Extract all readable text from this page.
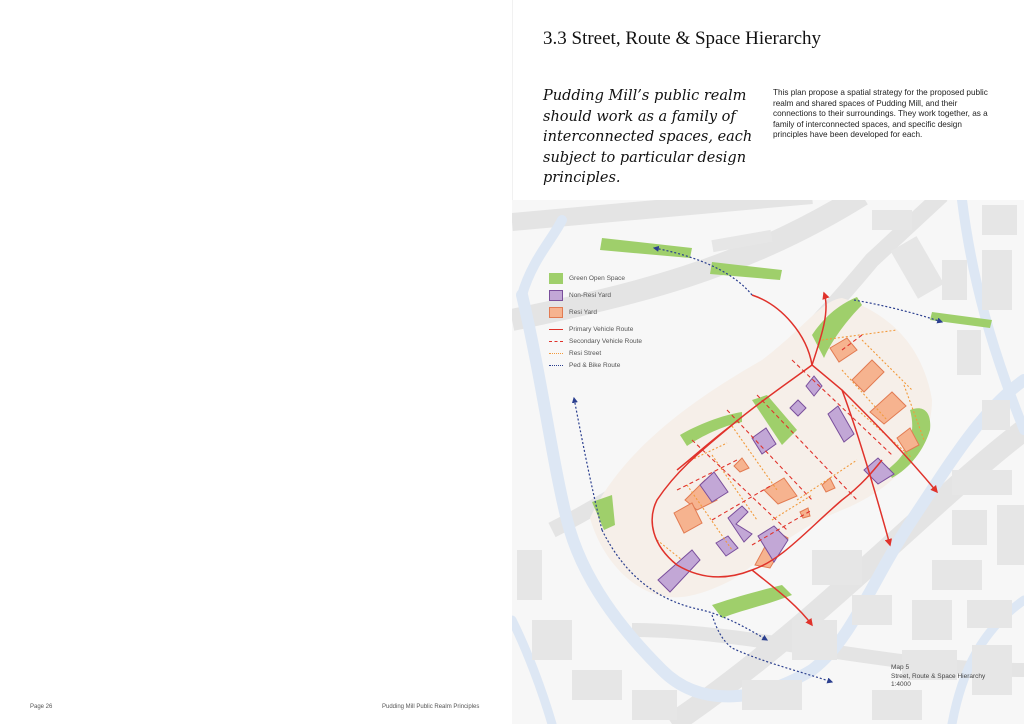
3.3 Street, Route & Space Hierarchy
Pudding Mill’s public realm should work as a family of interconnected spaces, each subject to particular design principles.
This plan propose a spatial strategy for the proposed public realm and shared spaces of Pudding Mill, and their connections to their surroundings. They work together, as a family of interconnected spaces, and specific design principles have been developed for each.
Green Open Space
Non-Resi Yard
Resi Yard
Primary Vehicle Route
Secondary Vehicle Route
Resi Street
Ped & Bike Route
Map 5
Street, Route & Space Hierarchy
1:4000
Page 26	Pudding Mill Public Realm Principles
